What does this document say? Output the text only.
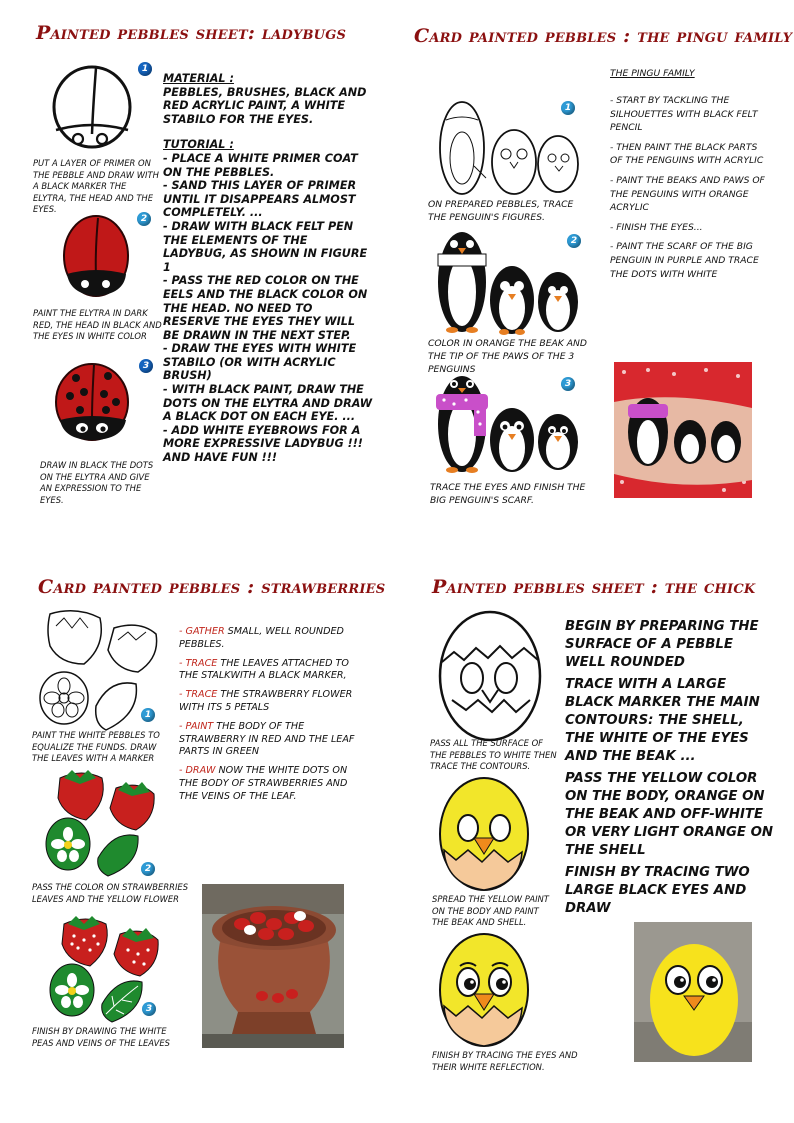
Painted pebbles sheet: ladybugs
1
PUT A LAYER OF PRIMER ON THE PEBBLE AND DRAW WITH A BLACK MARKER THE ELYTRA, THE HEAD AND THE EYES.
2
PAINT THE ELYTRA IN DARK RED, THE HEAD IN BLACK AND THE EYES IN WHITE COLOR
3
DRAW IN BLACK THE DOTS ON THE ELYTRA AND GIVE AN EXPRESSION TO THE EYES.
MATERIAL :
PEBBLES, BRUSHES, BLACK AND RED ACRYLIC PAINT, A WHITE STABILO FOR THE EYES.
TUTORIAL :
- PLACE A WHITE PRIMER COAT ON THE PEBBLES.
- SAND THIS LAYER OF PRIMER UNTIL IT DISAPPEARS ALMOST COMPLETELY. ...
- DRAW WITH BLACK FELT PEN THE ELEMENTS OF THE LADYBUG, AS SHOWN IN FIGURE 1
- PASS THE RED COLOR ON THE EELS AND THE BLACK COLOR ON THE HEAD. NO NEED TO RESERVE THE EYES THEY WILL BE DRAWN IN THE NEXT STEP.
- DRAW THE EYES WITH WHITE STABILO (OR WITH ACRYLIC BRUSH)
- WITH BLACK PAINT, DRAW THE DOTS ON THE ELYTRA AND DRAW A BLACK DOT ON EACH EYE. ...
- ADD WHITE EYEBROWS FOR A MORE EXPRESSIVE LADYBUG !!! AND HAVE FUN !!!
Card painted pebbles : the pingu family
1
ON PREPARED PEBBLES, TRACE THE PENGUIN'S FIGURES.
2
COLOR IN ORANGE THE BEAK AND THE TIP OF THE PAWS OF THE 3 PENGUINS
3
TRACE THE EYES AND FINISH THE BIG PENGUIN'S SCARF.
THE PINGU FAMILY

- START BY TACKLING THE SILHOUETTES WITH BLACK FELT PENCIL

- THEN PAINT THE BLACK PARTS OF THE PENGUINS WITH ACRYLIC

- PAINT THE BEAKS AND PAWS OF THE PENGUINS WITH ORANGE ACRYLIC

- FINISH THE EYES...

- PAINT THE SCARF OF THE BIG PENGUIN IN PURPLE AND TRACE THE DOTS WITH WHITE

Card painted pebbles : strawberries
1
PAINT THE WHITE PEBBLES TO EQUALIZE THE FUNDS. DRAW THE LEAVES WITH A MARKER
2
PASS THE COLOR ON STRAWBERRIES LEAVES AND THE YELLOW FLOWER
3
FINISH BY DRAWING THE WHITE PEAS AND VEINS OF THE LEAVES

- GATHER SMALL, WELL ROUNDED PEBBLES.

- TRACE THE LEAVES ATTACHED TO THE STALKWITH A BLACK MARKER,

- TRACE THE STRAWBERRY FLOWER WITH ITS 5 PETALS

- PAINT THE BODY OF THE STRAWBERRY IN RED AND THE LEAF PARTS IN GREEN

- DRAW NOW THE WHITE DOTS ON THE BODY OF STRAWBERRIES AND THE VEINS OF THE LEAF.

Painted pebbles sheet : the chick
PASS ALL THE SURFACE OF THE PEBBLES TO WHITE THEN TRACE THE CONTOURS.
SPREAD THE YELLOW PAINT ON THE BODY AND PAINT THE BEAK AND SHELL.
FINISH BY TRACING THE EYES AND THEIR WHITE REFLECTION.
BEGIN BY PREPARING THE SURFACE OF A PEBBLE WELL ROUNDED
TRACE WITH A LARGE BLACK MARKER THE MAIN CONTOURS: THE SHELL, THE WHITE OF THE EYES AND THE BEAK ...
PASS THE YELLOW COLOR ON THE BODY, ORANGE ON THE BEAK AND OFF-WHITE OR VERY LIGHT ORANGE ON THE SHELL
FINISH BY TRACING TWO LARGE BLACK EYES AND DRAW
